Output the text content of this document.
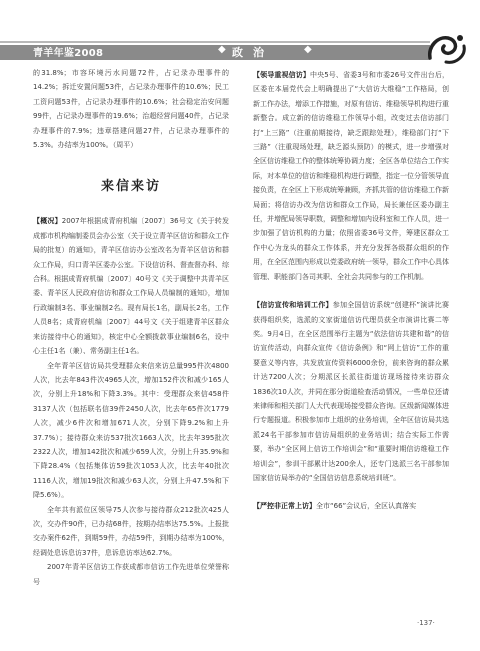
青羊年鉴2008	◆ 政治	◆

的31.8%；市容环境污水问题72件，占记录办理事件的14.2%；拆迁安置问题53件，占记录办理事件的10.6%；民工工资问题53件，占记录办理事件的10.6%；社会稳定治安问题99件，占记录办理事件的19.6%；治超经营问题40件，占记录办理事件的7.9%；违章搭建问题27件，占记录办理事件的5.3%。办结率为100%。（周平）

来信来访

【概况】2007年根据成青府机编〔2007〕36号文《关于转发成都市机构编制委员会办公室（关于设立青羊区信访和群众工作局的批复）的通知》，青羊区信访办公室改名为青羊区信访和群众工作局，归口青羊区委办公室。下设信访科、督查督办科、综合科。根据成青府机编〔2007〕40号文《关于调整中共青羊区委、青羊区人民政府信访和群众工作局人员编制的通知》，增加行政编制3名、事业编制2名。现有局长1名，副局长2名，工作人员8名；成青府机编〔2007〕44号文《关于组建青羊区群众来访接待中心的通知》，核定中心全额拨款事业编制6名，设中心主任1名（兼）、常务副主任1名。

全年青羊区信访局共受理群众来信来访总量995件次4800人次，比去年843件次4965人次，增加152件次和减少165人次，分别上升18%和下降3.3%。其中：受理群众来信458件3137人次（包括联名信39件2450人次，比去年65件次1779人次，减少6件次和增加671人次，分别下降9.2%和上升37.7%）；接待群众来访537批次1663人次，比去年395批次2322人次，增加142批次和减少659人次，分别上升35.9%和下降28.4%（包括集体访59批次1053人次，比去年40批次1116人次，增加19批次和减少63人次，分别上升47.5%和下降5.6%）。

全年共有派位区领导75人次参与接待群众212批次425人次，交办件90件，已办结68件，按期办结率达75.5%。上报批交办案件62件，到期59件，办结59件，到期办结率为100%，经调处息诉息访37件，息诉息访率达62.7%。

2007年青羊区信访工作获成都市信访工作先进单位荣誉称号

【领导重视信访】中央5号、省委3号和市委26号文件出台后，区委在本届党代会上明确提出了“大信访大维稳”工作格局，创新工作办法，增添工作措施，对原有信访、维稳领导机构进行重新整合。成立新的信访维稳工作领导小组，改变过去信访部门打“上三路”（注重前期接待，缺乏跟踪处理），维稳部门打“下三路”（注重现场处理，缺乏源头预防）的模式，进一步增强对全区信访维稳工作的整体统筹协调力度；全区各单位结合工作实际，对本单位的信访和维稳机构进行调整，指定一位分管领导直接负责，在全区上下形成统筹兼顾，齐抓共管的信访维稳工作新局面；将信访办改为信访和群众工作局，局长兼任区委办副主任，并增配局领导职数，调整和增加内设科室和工作人员，进一步加强了信访机构的力量；依照省委36号文件，筹建区群众工作中心为龙头的群众工作体系，并充分发挥各级群众组织的作用，在全区范围内形成以党委政府统一领导，群众工作中心具体管理、职能部门各司其职、全社会共同参与的工作机制。

【信访宣传和培训工作】参加全国信访系统“创建杯”演讲比赛获得组织奖，选派的文家街道信访代理员获全市演讲比赛二等奖。9月4日，在全区范围举行主题为“依法信访共建和谐”的信访宣传活动，向群众宣传《信访条例》和“网上信访”工作的重要意义等内容，共发放宣传资料6000余份，前来咨询的群众累计达7200人次；分期派区长派往街道访现场接待来访群众1836次10人次，并同在那分街道检查活动情况，一些单位还请来律师和相关部门人大代表现场接受群众咨询。区级新闻媒体进行专题报道。积极参加市上组织的业务培训，全年区信访局共选派24名干部参加市信访局组织的业务培训；结合实际工作需要，举办“全区网上信访工作培训会”和“重要时期信访维稳工作培训会”，参训干部累计达200余人，还专门选派三名干部参加国家信访局举办的“全国信访信息系统培训班”。

【严控非正常上访】全市“66”会议后，全区认真落实

·137·
